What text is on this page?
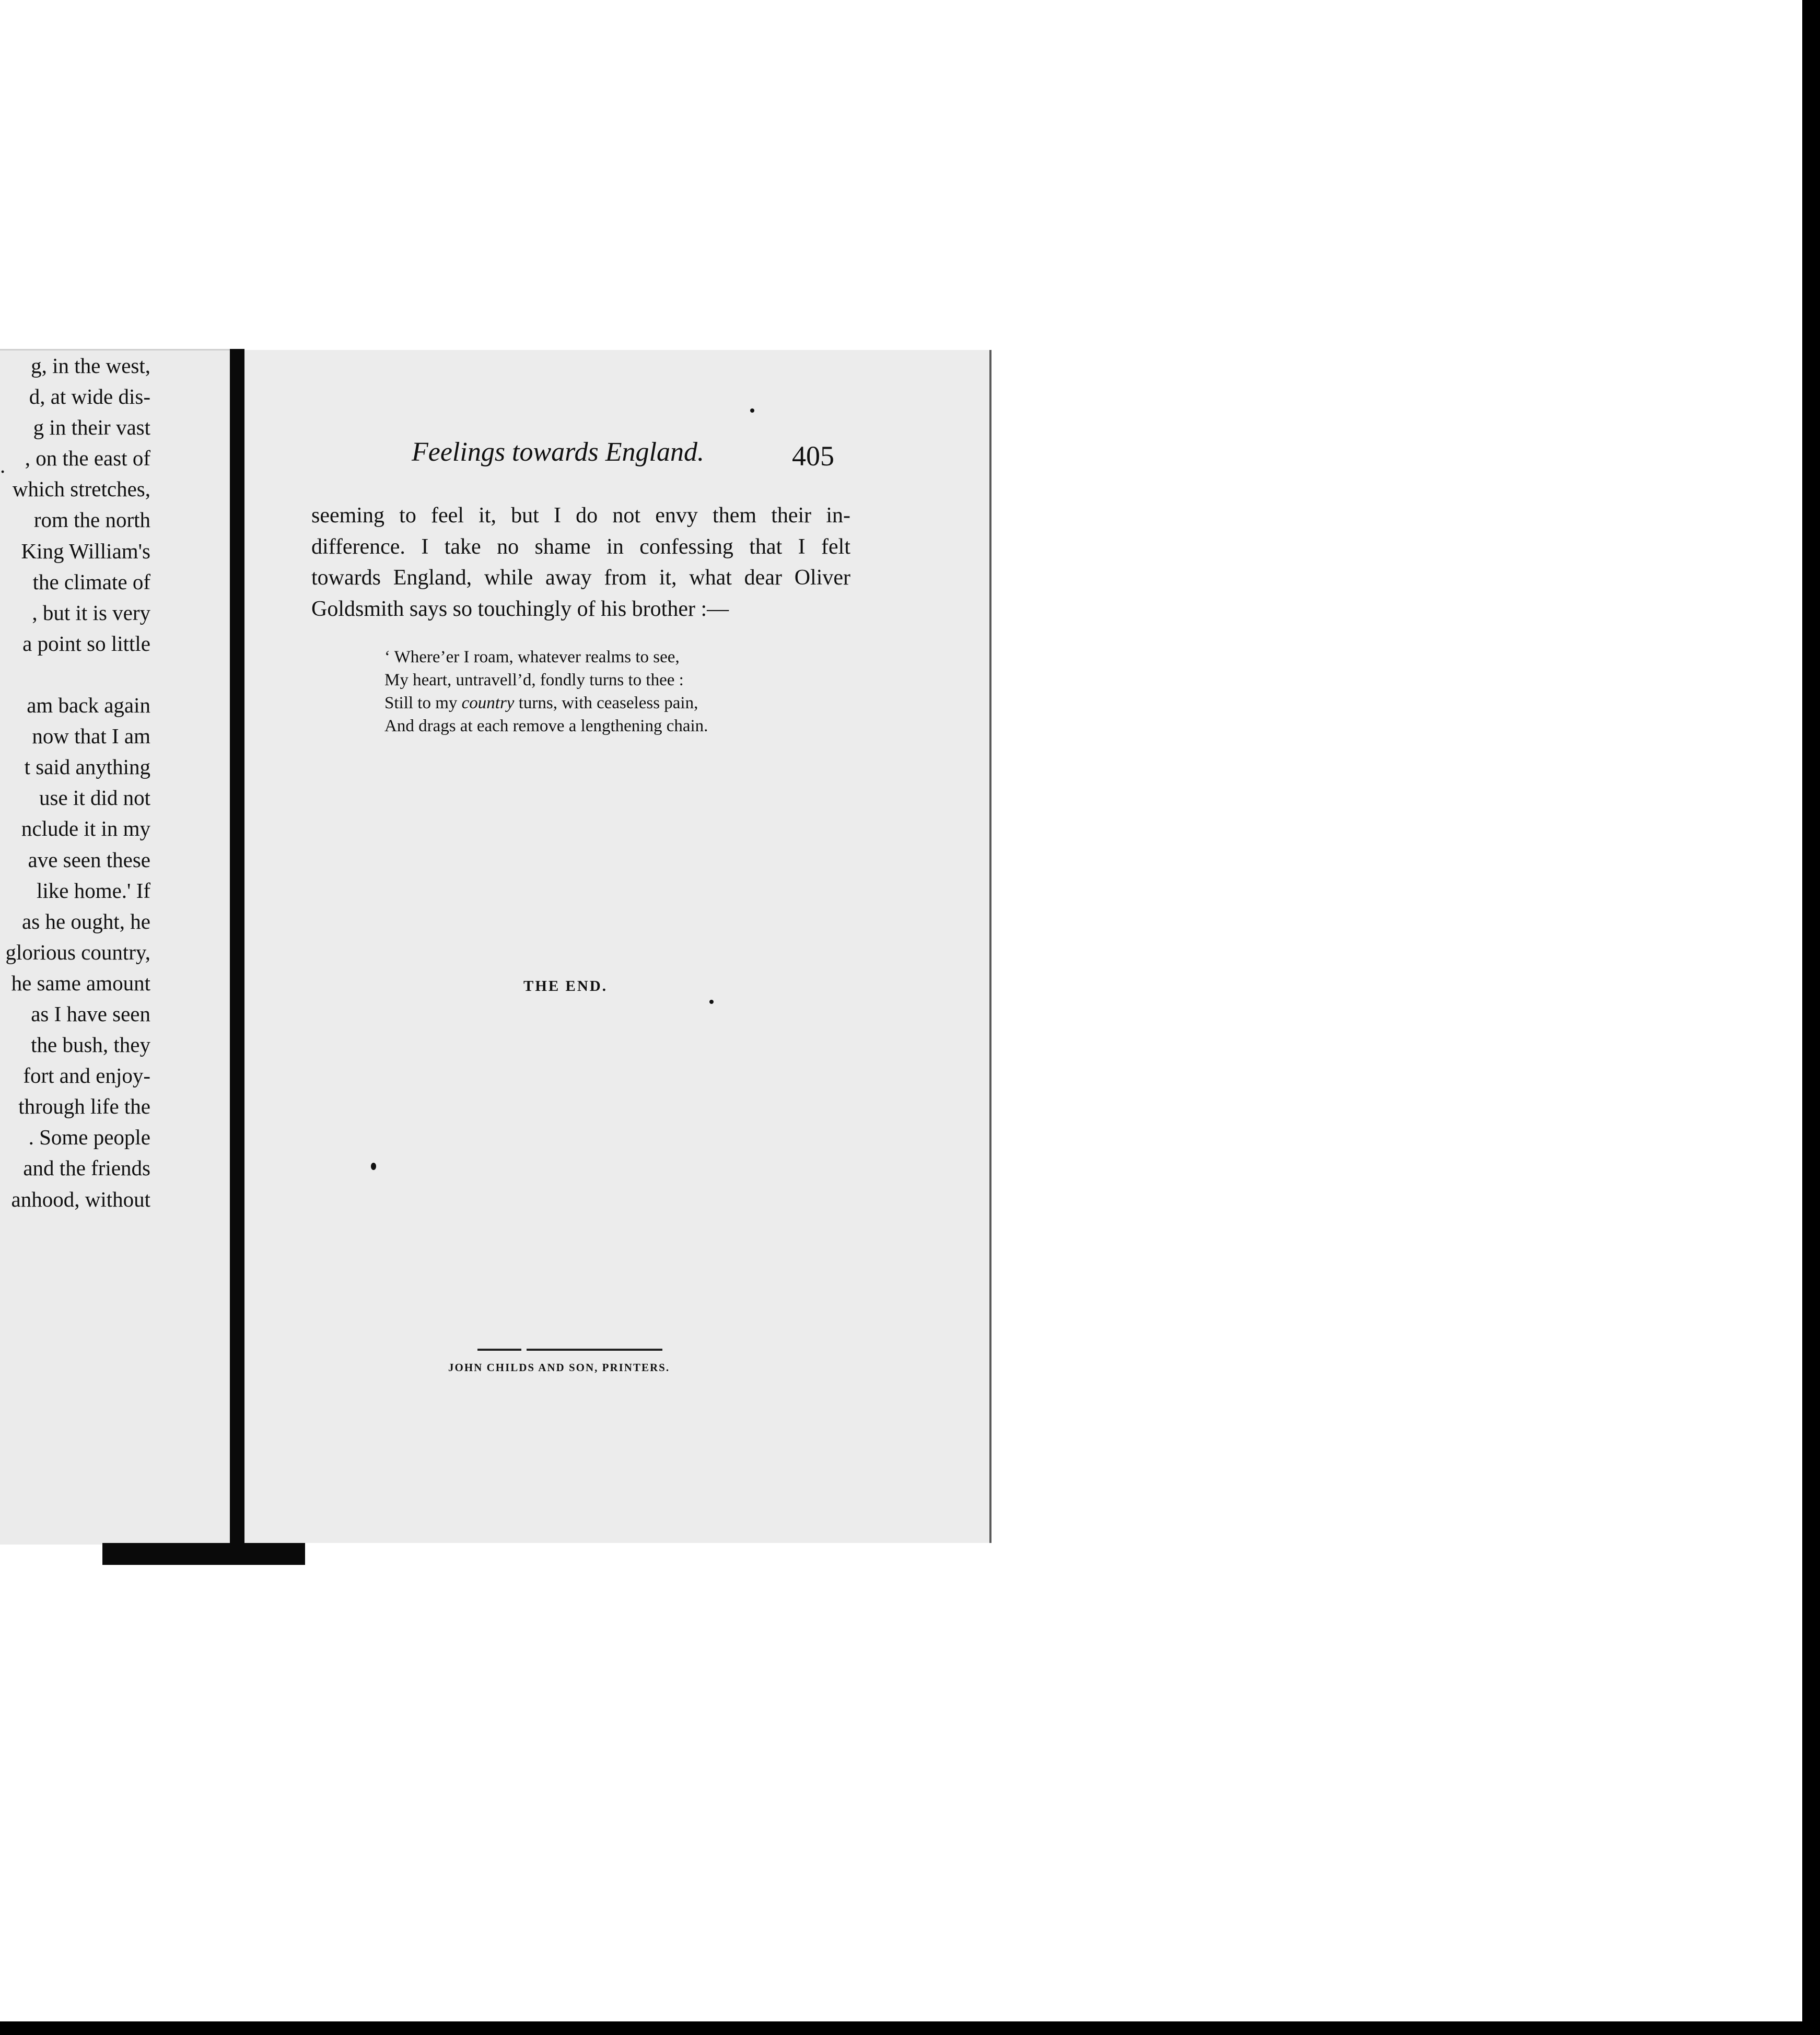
.
g, in the west,
d, at wide dis-
g in their vast
, on the east of
which stretches,
rom the north
King William's
the climate of
, but it is very
a point so little

am back again
now that I am
t said anything
use it did not
nclude it in my
ave seen these
like home.' If
as he ought, he
glorious country,
he same amount
as I have seen
the bush, they
fort and enjoy-
through life the
. Some people
and the friends
anhood, without
Feelings towards England.	405
seeming to feel it, but I do not envy them their in-
difference. I take no shame in confessing that I felt
towards England, while away from it, what dear Oliver
Goldsmith says so touchingly of his brother :—
‘ Where’er I roam, whatever realms to see,
My heart, untravell’d, fondly turns to thee :
Still to my country turns, with ceaseless pain,
And drags at each remove a lengthening chain.
THE END.
JOHN CHILDS AND SON, PRINTERS.
